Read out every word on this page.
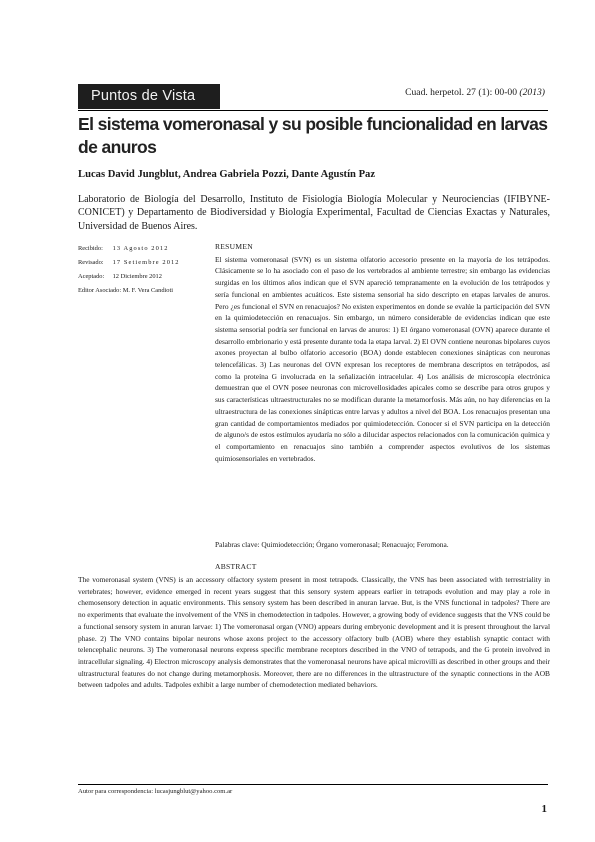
Puntos de Vista	Cuad. herpetol. 27 (1): 00-00 (2013)
El sistema vomeronasal y su posible funcionalidad en larvas de anuros
Lucas David Jungblut, Andrea Gabriela Pozzi, Dante Agustín Paz
Laboratorio de Biología del Desarrollo, Instituto de Fisiología Biología Molecular y Neurociencias (IFIBYNE-CONICET) y Departamento de Biodiversidad y Biología Experimental, Facultad de Ciencias Exactas y Naturales, Universidad de Buenos Aires.
Recibido: 13 Agosto 2012
Revisado: 17 Setiembre 2012
Aceptado: 12 Diciembre 2012
Editor Asociado: M. F. Vera Candioti
RESUMEN

El sistema vomeronasal (SVN) es un sistema olfatorio accesorio presente en la mayoría de los tetrápodos. Clásicamente se lo ha asociado con el paso de los vertebrados al ambiente terrestre; sin embargo las evidencias surgidas en los últimos años indican que el SVN apareció tempranamente en la evolución de los tetrápodos y sería funcional en ambientes acuáticos. Este sistema sensorial ha sido descripto en etapas larvales de anuros. Pero ¿es funcional el SVN en renacuajos? No existen experimentos en donde se evalúe la participación del SVN en la quimiodetección en renacuajos. Sin embargo, un número considerable de evidencias indican que este sistema sensorial podría ser funcional en larvas de anuros: 1) El órgano vomeronasal (OVN) aparece durante el desarrollo embrionario y está presente durante toda la etapa larval. 2) El OVN contiene neuronas bipolares cuyos axones proyectan al bulbo olfatorio accesorio (BOA) donde establecen conexiones sinápticas con neuronas telencefálicas. 3) Las neuronas del OVN expresan los receptores de membrana descriptos en tetrápodos, así como la proteína G involucrada en la señalización intracelular. 4) Los análisis de microscopía electrónica demuestran que el OVN posee neuronas con microvellosidades apicales como se describe para otros grupos y sus características ultraestructurales no se modifican durante la metamorfosis. Más aún, no hay diferencias en la ultraestructura de las conexiones sinápticas entre larvas y adultos a nivel del BOA. Los renacuajos presentan una gran cantidad de comportamientos mediados por quimiodetección. Conocer si el SVN participa en la detección de alguno/s de estos estímulos ayudaría no sólo a dilucidar aspectos relacionados con la comunicación química y el comportamiento en renacuajos sino también a comprender aspectos evolutivos de los sistemas quimiosensoriales en vertebrados.

Palabras clave: Quimiodetección; Órgano vomeronasal; Renacuajo; Feromona.
ABSTRACT

The vomeronasal system (VNS) is an accessory olfactory system present in most tetrapods. Classically, the VNS has been associated with terrestriality in vertebrates; however, evidence emerged in recent years suggest that this sensory system appears earlier in tetrapods evolution and may play a role in chemosensory detection in aquatic environments. This sensory system has been described in anuran larvae. But, is the VNS functional in tadpoles? There are no experiments that evaluate the involvement of the VNS in chemodetection in tadpoles. However, a growing body of evidence suggests that the VNS could be a functional sensory system in anuran larvae: 1) The vomeronasal organ (VNO) appears during embryonic development and it is present throughout the larval phase. 2) The VNO contains bipolar neurons whose axons project to the accessory olfactory bulb (AOB) where they establish synaptic contact with telencephalic neurons. 3) The vomeronasal neurons express specific membrane receptors described in the VNO of tetrapods, and the G protein involved in intracellular signaling. 4) Electron microscopy analysis demonstrates that the vomeronasal neurons have apical microvilli as described in other groups and their ultrastructural features do not change during metamorphosis. Moreover, there are no differences in the ultrastructure of the synaptic connections in the AOB between tadpoles and adults. Tadpoles exhibit a large number of chemodetection mediated behaviors.

Autor para correspondencia: lucasjungblut@yahoo.com.ar
1
